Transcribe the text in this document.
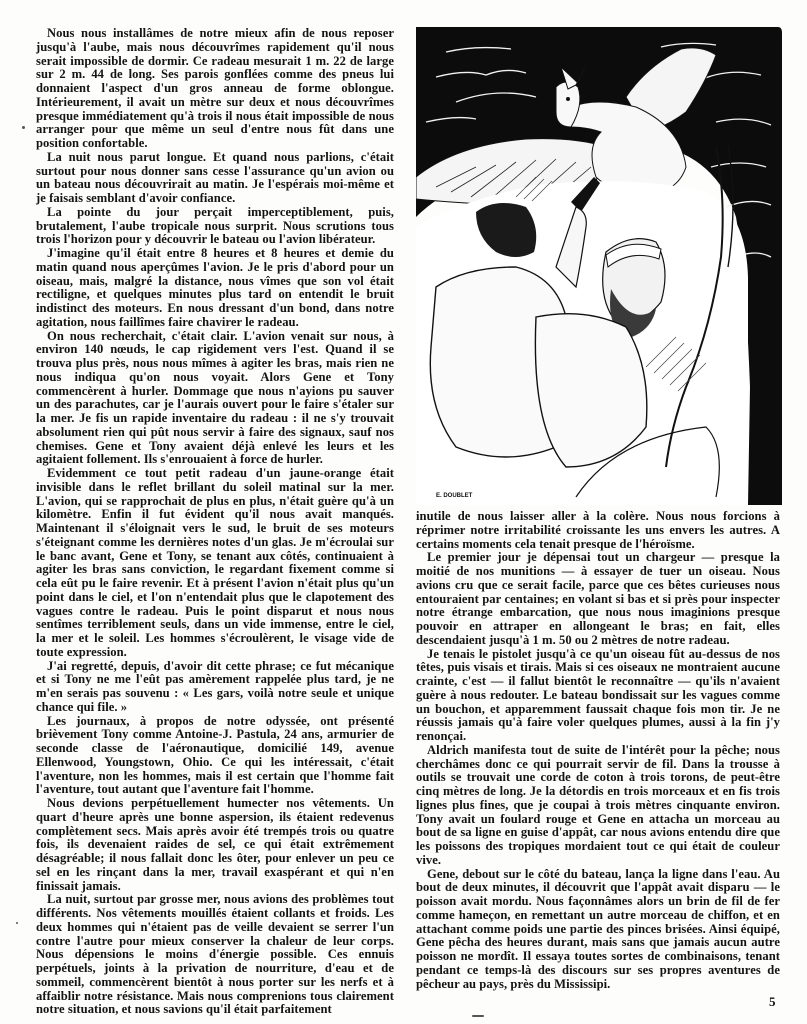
Nous nous installâmes de notre mieux afin de nous reposer jusqu'à l'aube, mais nous découvrîmes rapidement qu'il nous serait impossible de dormir. Ce radeau mesurait 1 m. 22 de large sur 2 m. 44 de long. Ses parois gonflées comme des pneus lui donnaient l'aspect d'un gros anneau de forme oblongue. Intérieurement, il avait un mètre sur deux et nous découvrîmes presque immédiatement qu'à trois il nous était impossible de nous arranger pour que même un seul d'entre nous fût dans une position confortable.

La nuit nous parut longue. Et quand nous parlions, c'était surtout pour nous donner sans cesse l'assurance qu'un avion ou un bateau nous découvrirait au matin. Je l'espérais moi-même et je faisais semblant d'avoir confiance.

La pointe du jour perçait imperceptiblement, puis, brutalement, l'aube tropicale nous surprit. Nous scrutions tous trois l'horizon pour y découvrir le bateau ou l'avion libérateur.

J'imagine qu'il était entre 8 heures et 8 heures et demie du matin quand nous aperçûmes l'avion. Je le pris d'abord pour un oiseau, mais, malgré la distance, nous vîmes que son vol était rectiligne, et quelques minutes plus tard on entendit le bruit indistinct des moteurs. En nous dressant d'un bond, dans notre agitation, nous faillîmes faire chavirer le radeau.

On nous recherchait, c'était clair. L'avion venait sur nous, à environ 140 nœuds, le cap rigidement vers l'est. Quand il se trouva plus près, nous nous mîmes à agiter les bras, mais rien ne nous indiqua qu'on nous voyait. Alors Gene et Tony commencèrent à hurler. Dommage que nous n'ayions pu sauver un des parachutes, car je l'aurais ouvert pour le faire s'étaler sur la mer. Je fis un rapide inventaire du radeau : il ne s'y trouvait absolument rien qui pût nous servir à faire des signaux, sauf nos chemises. Gene et Tony avaient déjà enlevé les leurs et les agitaient follement. Ils s'enrouaient à force de hurler.

Evidemment ce tout petit radeau d'un jaune-orange était invisible dans le reflet brillant du soleil matinal sur la mer. L'avion, qui se rapprochait de plus en plus, n'était guère qu'à un kilomètre. Enfin il fut évident qu'il nous avait manqués. Maintenant il s'éloignait vers le sud, le bruit de ses moteurs s'éteignant comme les dernières notes d'un glas. Je m'écroulai sur le banc avant, Gene et Tony, se tenant aux côtés, continuaient à agiter les bras sans conviction, le regardant fixement comme si cela eût pu le faire revenir. Et à présent l'avion n'était plus qu'un point dans le ciel, et l'on n'entendait plus que le clapotement des vagues contre le radeau. Puis le point disparut et nous nous sentîmes terriblement seuls, dans un vide immense, entre le ciel, la mer et le soleil. Les hommes s'écroulèrent, le visage vide de toute expression.

J'ai regretté, depuis, d'avoir dit cette phrase; ce fut mécanique et si Tony ne me l'eût pas amèrement rappelée plus tard, je ne m'en serais pas souvenu : « Les gars, voilà notre seule et unique chance qui file. »

Les journaux, à propos de notre odyssée, ont présenté brièvement Tony comme Antoine-J. Pastula, 24 ans, armurier de seconde classe de l'aéronautique, domicilié 149, avenue Ellenwood, Youngstown, Ohio. Ce qui les intéressait, c'était l'aventure, non les hommes, mais il est certain que l'homme fait l'aventure, tout autant que l'aventure fait l'homme.

Nous devions perpétuellement humecter nos vêtements. Un quart d'heure après une bonne aspersion, ils étaient redevenus complètement secs. Mais après avoir été trempés trois ou quatre fois, ils devenaient raides de sel, ce qui était extrêmement désagréable; il nous fallait donc les ôter, pour enlever un peu ce sel en les rinçant dans la mer, travail exaspérant et qui n'en finissait jamais.

La nuit, surtout par grosse mer, nous avions des problèmes tout différents. Nos vêtements mouillés étaient collants et froids. Les deux hommes qui n'étaient pas de veille devaient se serrer l'un contre l'autre pour mieux conserver la chaleur de leur corps. Nous dépensions le moins d'énergie possible. Ces ennuis perpétuels, joints à la privation de nourriture, d'eau et de sommeil, commencèrent bientôt à nous porter sur les nerfs et à affaiblir notre résistance. Mais nous comprenions tous clairement notre situation, et nous savions qu'il était parfaitement

E. DOUBLET

inutile de nous laisser aller à la colère. Nous nous forcions à réprimer notre irritabilité croissante les uns envers les autres. A certains moments cela tenait presque de l'héroïsme.

Le premier jour je dépensai tout un chargeur — presque la moitié de nos munitions — à essayer de tuer un oiseau. Nous avions cru que ce serait facile, parce que ces bêtes curieuses nous entouraient par centaines; en volant si bas et si près pour inspecter notre étrange embarcation, que nous nous imaginions presque pouvoir en attraper en allongeant le bras; en fait, elles descendaient jusqu'à 1 m. 50 ou 2 mètres de notre radeau.

Je tenais le pistolet jusqu'à ce qu'un oiseau fût au-dessus de nos têtes, puis visais et tirais. Mais si ces oiseaux ne montraient aucune crainte, c'est — il fallut bientôt le reconnaître — qu'ils n'avaient guère à nous redouter. Le bateau bondissait sur les vagues comme un bouchon, et apparemment faussait chaque fois mon tir. Je ne réussis jamais qu'à faire voler quelques plumes, aussi à la fin j'y renonçai.

Aldrich manifesta tout de suite de l'intérêt pour la pêche; nous cherchâmes donc ce qui pourrait servir de fil. Dans la trousse à outils se trouvait une corde de coton à trois torons, de peut-être cinq mètres de long. Je la détordis en trois morceaux et en fis trois lignes plus fines, que je coupai à trois mètres cinquante environ. Tony avait un foulard rouge et Gene en attacha un morceau au bout de sa ligne en guise d'appât, car nous avions entendu dire que les poissons des tropiques mordaient tout ce qui était de couleur vive.

Gene, debout sur le côté du bateau, lança la ligne dans l'eau. Au bout de deux minutes, il découvrit que l'appât avait disparu — le poisson avait mordu. Nous façonnâmes alors un brin de fil de fer comme hameçon, en remettant un autre morceau de chiffon, et en attachant comme poids une partie des pinces brisées. Ainsi équipé, Gene pêcha des heures durant, mais sans que jamais aucun autre poisson ne mordît. Il essaya toutes sortes de combinaisons, tenant pendant ce temps-là des discours sur ses propres aventures de pêcheur au pays, près du Mississipi.

5
